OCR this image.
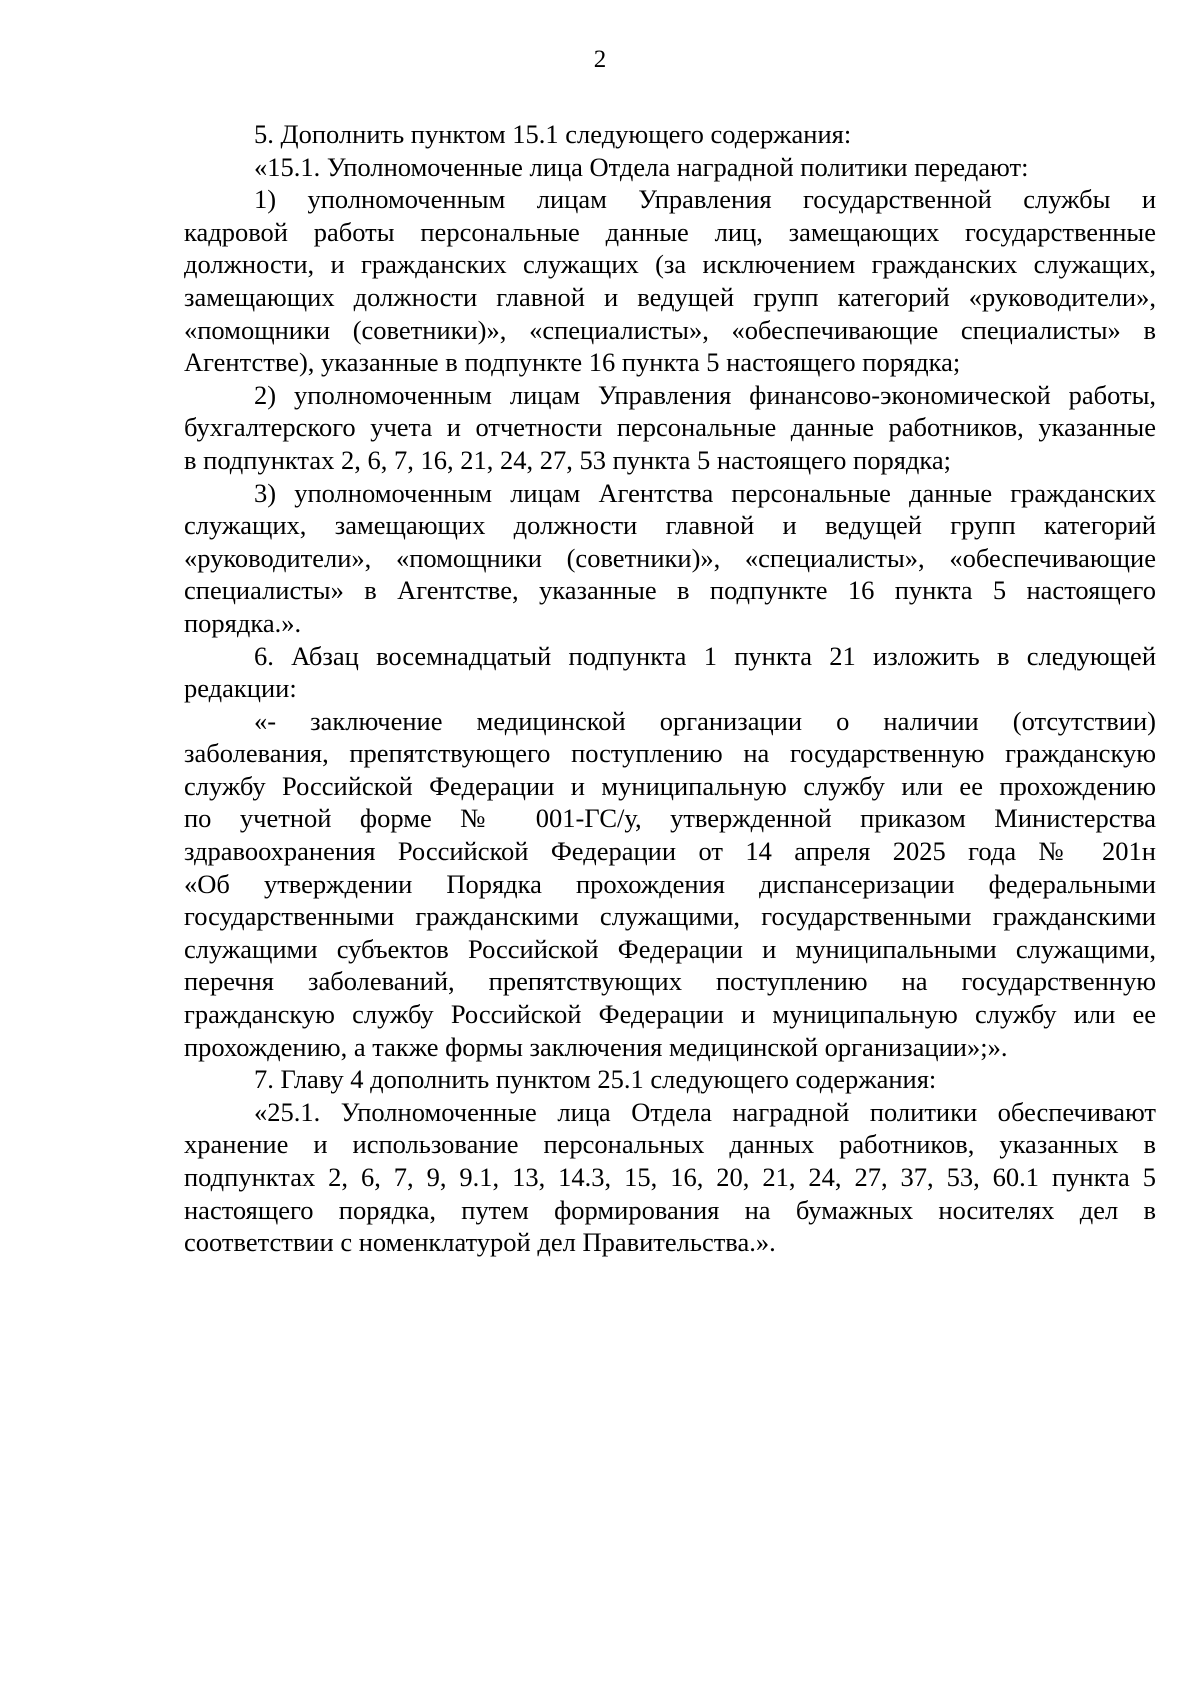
2

5. Дополнить пунктом 15.1 следующего содержания:

«15.1. Уполномоченные лица Отдела наградной политики передают:

1) уполномоченным лицам Управления государственной службы и
кадровой работы персональные данные лиц, замещающих государственные
должности, и гражданских служащих (за исключением гражданских служащих,
замещающих должности главной и ведущей групп категорий «руководители»,
«помощники (советники)», «специалисты», «обеспечивающие специалисты» в
Агентстве), указанные в подпункте 16 пункта 5 настоящего порядка;

2) уполномоченным лицам Управления финансово-экономической работы,
бухгалтерского учета и отчетности персональные данные работников, указанные
в подпунктах 2, 6, 7, 16, 21, 24, 27, 53 пункта 5 настоящего порядка;

3) уполномоченным лицам Агентства персональные данные гражданских
служащих, замещающих должности главной и ведущей групп категорий
«руководители», «помощники (советники)», «специалисты», «обеспечивающие
специалисты» в Агентстве, указанные в подпункте 16 пункта 5 настоящего
порядка.».

6. Абзац восемнадцатый подпункта 1 пункта 21 изложить в следующей
редакции:

«- заключение медицинской организации о наличии (отсутствии)
заболевания, препятствующего поступлению на государственную гражданскую
службу Российской Федерации и муниципальную службу или ее прохождению
по учетной форме № 001-ГС/у, утвержденной приказом Министерства
здравоохранения Российской Федерации от 14 апреля 2025 года № 201н
«Об утверждении Порядка прохождения диспансеризации федеральными
государственными гражданскими служащими, государственными гражданскими
служащими субъектов Российской Федерации и муниципальными служащими,
перечня заболеваний, препятствующих поступлению на государственную
гражданскую службу Российской Федерации и муниципальную службу или ее
прохождению, а также формы заключения медицинской организации»;».

7. Главу 4 дополнить пунктом 25.1 следующего содержания:

«25.1. Уполномоченные лица Отдела наградной политики обеспечивают
хранение и использование персональных данных работников, указанных в
подпунктах 2, 6, 7, 9, 9.1, 13, 14.3, 15, 16, 20, 21, 24, 27, 37, 53, 60.1 пункта 5
настоящего порядка, путем формирования на бумажных носителях дел в
соответствии с номенклатурой дел Правительства.».
